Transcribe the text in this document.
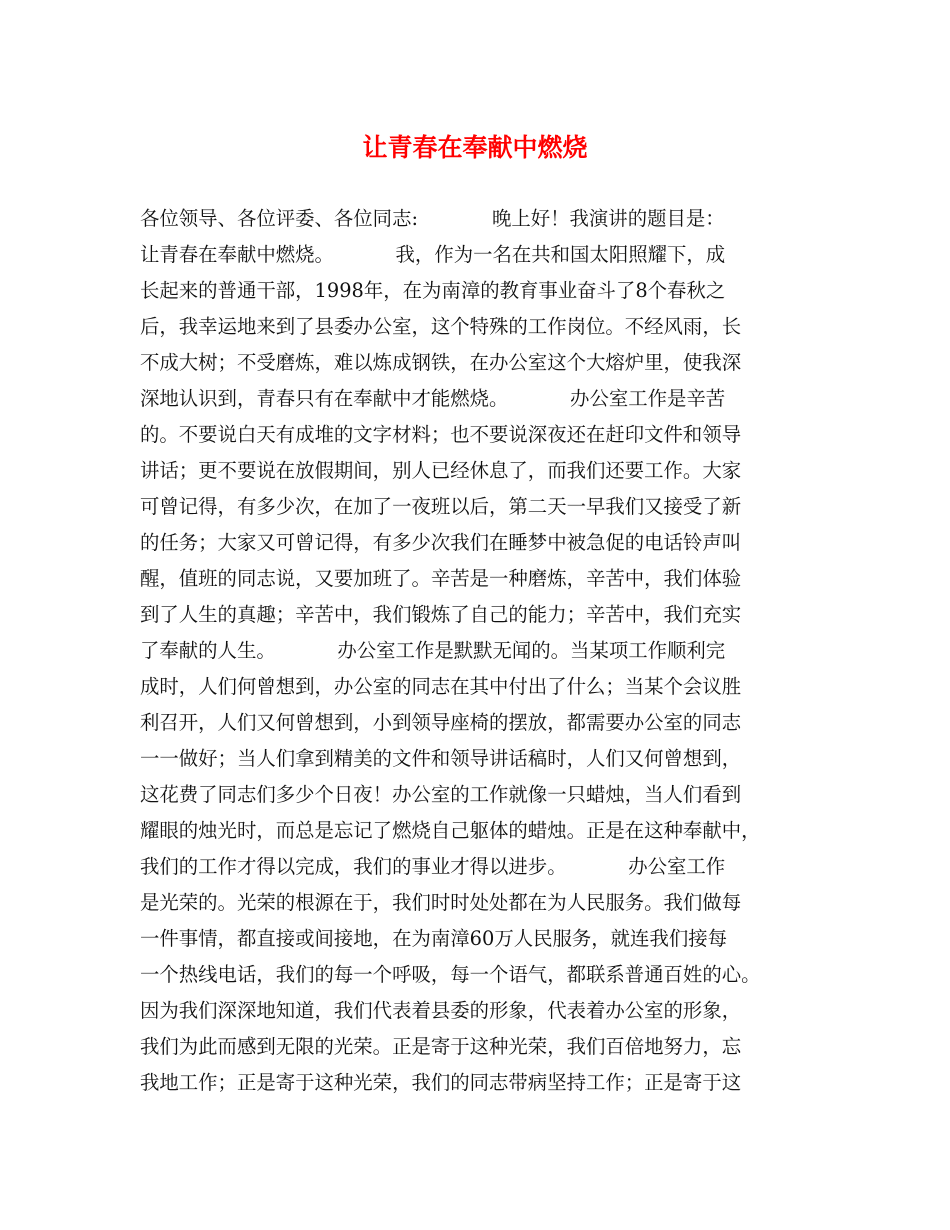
让青春在奉献中燃烧
各位领导、各位评委、各位同志:            晚上好！我演讲的题目是：
让青春在奉献中燃烧。          我，作为一名在共和国太阳照耀下，成
长起来的普通干部，1998年，在为南漳的教育事业奋斗了8个春秋之
后，我幸运地来到了县委办公室，这个特殊的工作岗位。不经风雨，长
不成大树；不受磨炼，难以炼成钢铁，在办公室这个大熔炉里，使我深
深地认识到，青春只有在奉献中才能燃烧。          办公室工作是辛苦
的。不要说白天有成堆的文字材料；也不要说深夜还在赶印文件和领导
讲话；更不要说在放假期间，别人已经休息了，而我们还要工作。大家
可曾记得，有多少次，在加了一夜班以后，第二天一早我们又接受了新
的任务；大家又可曾记得，有多少次我们在睡梦中被急促的电话铃声叫
醒，值班的同志说，又要加班了。辛苦是一种磨炼，辛苦中，我们体验
到了人生的真趣；辛苦中，我们锻炼了自己的能力；辛苦中，我们充实
了奉献的人生。          办公室工作是默默无闻的。当某项工作顺利完
成时，人们何曾想到，办公室的同志在其中付出了什么；当某个会议胜
利召开，人们又何曾想到，小到领导座椅的摆放，都需要办公室的同志
一一做好；当人们拿到精美的文件和领导讲话稿时，人们又何曾想到，
这花费了同志们多少个日夜！办公室的工作就像一只蜡烛，当人们看到
耀眼的烛光时，而总是忘记了燃烧自己躯体的蜡烛。正是在这种奉献中，
我们的工作才得以完成，我们的事业才得以进步。          办公室工作
是光荣的。光荣的根源在于，我们时时处处都在为人民服务。我们做每
一件事情，都直接或间接地，在为南漳60万人民服务，就连我们接每
一个热线电话，我们的每一个呼吸，每一个语气，都联系普通百姓的心。
因为我们深深地知道，我们代表着县委的形象，代表着办公室的形象，
我们为此而感到无限的光荣。正是寄于这种光荣，我们百倍地努力，忘
我地工作；正是寄于这种光荣，我们的同志带病坚持工作；正是寄于这
